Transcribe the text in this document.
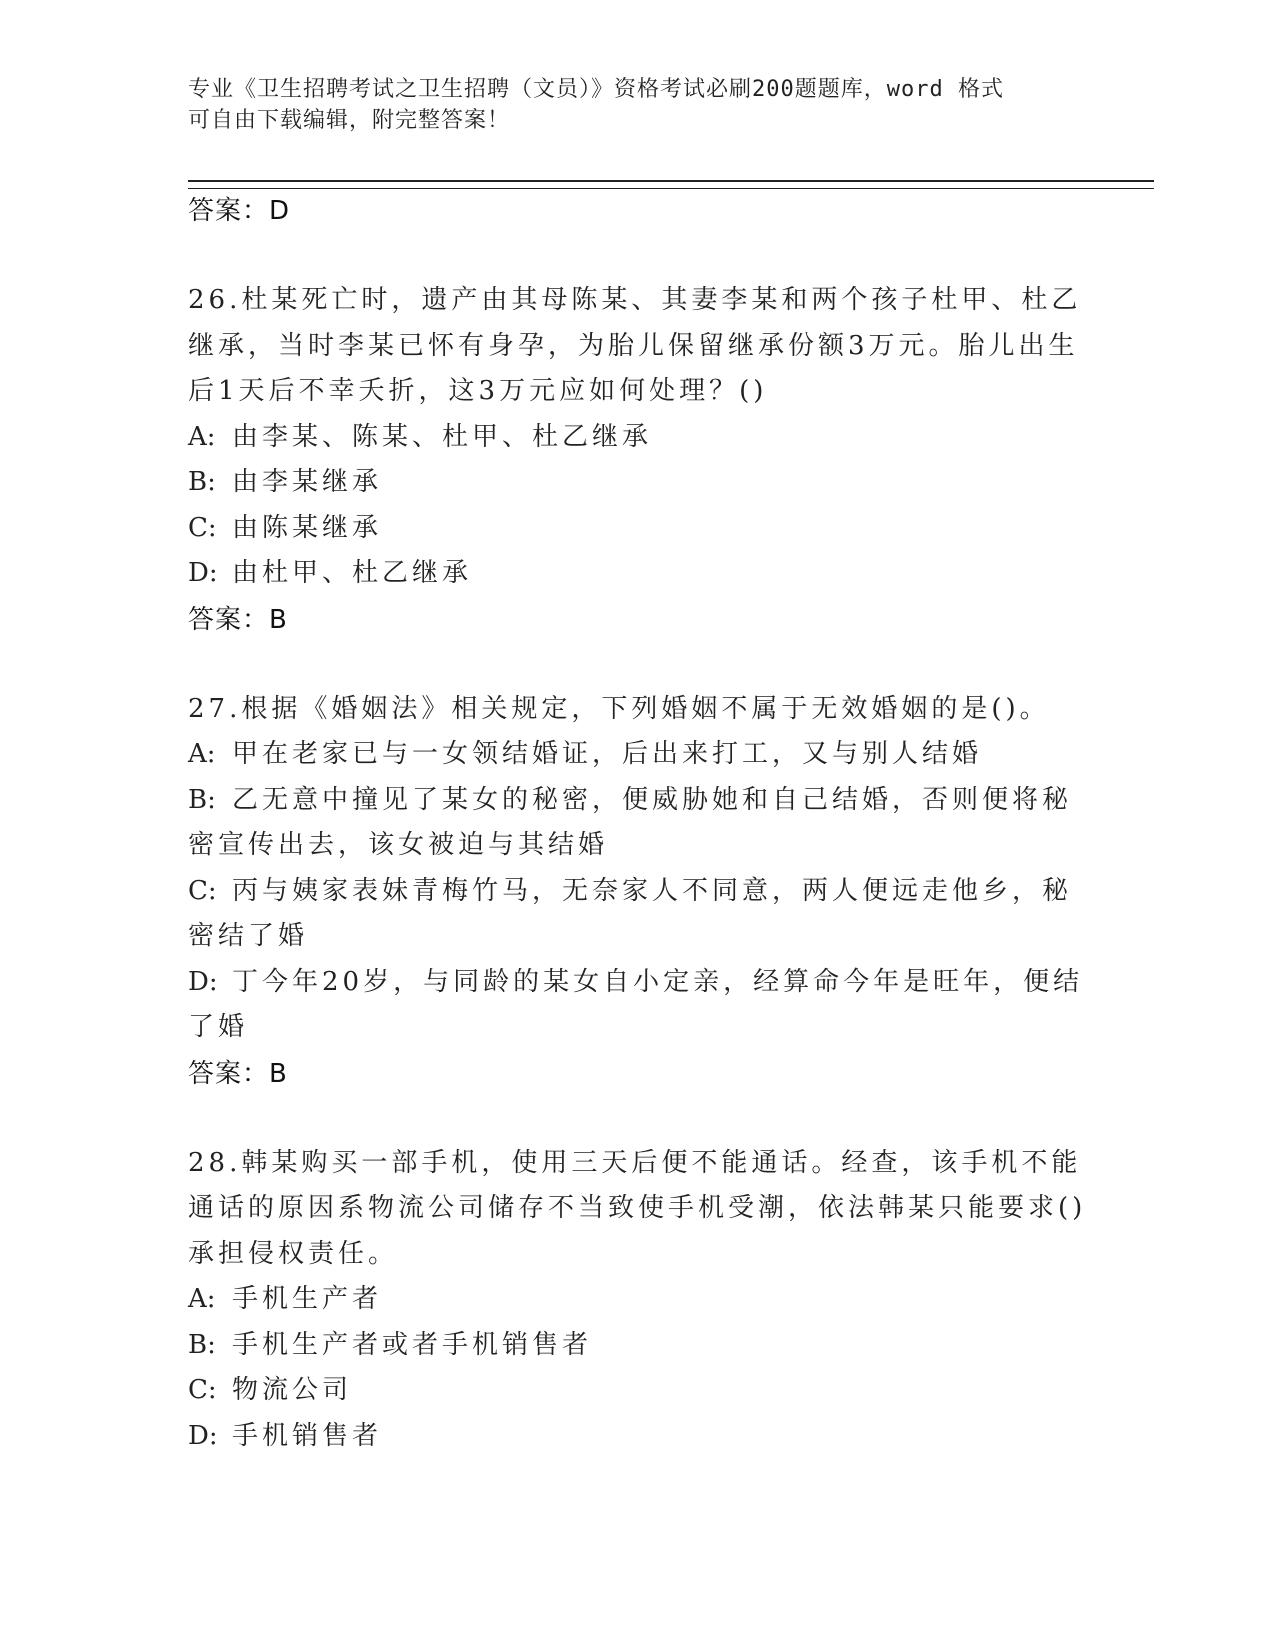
专业《卫生招聘考试之卫生招聘（文员）》资格考试必刷200题题库，word 格式
可自由下载编辑，附完整答案！

答案：D

26.杜某死亡时，遗产由其母陈某、其妻李某和两个孩子杜甲、杜乙继承，当时李某已怀有身孕，为胎儿保留继承份额3万元。胎儿出生后1天后不幸夭折，这3万元应如何处理？()

A: 由李某、陈某、杜甲、杜乙继承

B: 由李某继承

C: 由陈某继承

D: 由杜甲、杜乙继承

答案：B

27.根据《婚姻法》相关规定，下列婚姻不属于无效婚姻的是()。

A: 甲在老家已与一女领结婚证，后出来打工，又与别人结婚

B: 乙无意中撞见了某女的秘密，便威胁她和自己结婚，否则便将秘密宣传出去，该女被迫与其结婚

C: 丙与姨家表妹青梅竹马，无奈家人不同意，两人便远走他乡，秘密结了婚

D: 丁今年20岁，与同龄的某女自小定亲，经算命今年是旺年，便结了婚

答案：B

28.韩某购买一部手机，使用三天后便不能通话。经查，该手机不能通话的原因系物流公司储存不当致使手机受潮，依法韩某只能要求()承担侵权责任。

A: 手机生产者

B: 手机生产者或者手机销售者

C: 物流公司

D: 手机销售者
